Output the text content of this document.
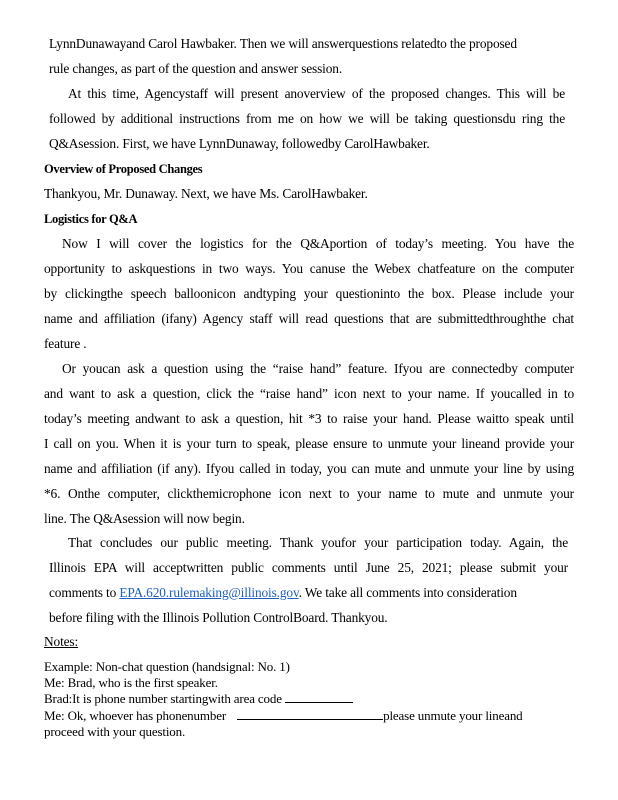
LynnDunawayand Carol Hawbaker. Then we will answerquestions relatedto the proposed
rule changes, as part of the question and answer session.
At this time, Agencystaff will present anoverview of the proposed changes. This will be
followed by additional instructions from me on how we will be taking questionsdu ring the
Q&Asession. First, we have LynnDunaway, followedby CarolHawbaker.
Overview of Proposed Changes
Thankyou, Mr. Dunaway. Next, we have Ms. CarolHawbaker.
Logistics for Q&A
Now I will cover the logistics for the Q&Aportion of today’s meeting. You have the
opportunity to askquestions in two ways. You canuse the Webex chatfeature on the computer
by clickingthe speech balloonicon andtyping your questioninto the box. Please include your
name and affiliation (ifany) Agency staff will read questions that are submittedthroughthe chat
feature .
Or youcan ask a question using the “raise hand” feature. Ifyou are connectedby computer
and want to ask a question, click the “raise hand” icon next to your name. If youcalled in to
today’s meeting andwant to ask a question, hit *3 to raise your hand. Please waitto speak until
I call on you. When it is your turn to speak, please ensure to unmute your lineand provide your
name and affiliation (if any). Ifyou called in today, you can mute and unmute your line by using
*6. Onthe computer, clickthemicrophone icon next to your name to mute and unmute your
line. The Q&Asession will now begin.
That concludes our public meeting. Thank youfor your participation today. Again, the
Illinois EPA will acceptwritten public comments until June 25, 2021; please submit your
comments to EPA.620.rulemaking@illinois.gov. We take all comments into consideration
before filing with the Illinois Pollution ControlBoard. Thankyou.
Notes:
Example: Non-chat question (handsignal: No. 1)
Me: Brad, who is the first speaker.
Brad:It is phone number startingwith area code
Me: Ok, whoever has phonenumber	please unmute your lineand
proceed with your question.
